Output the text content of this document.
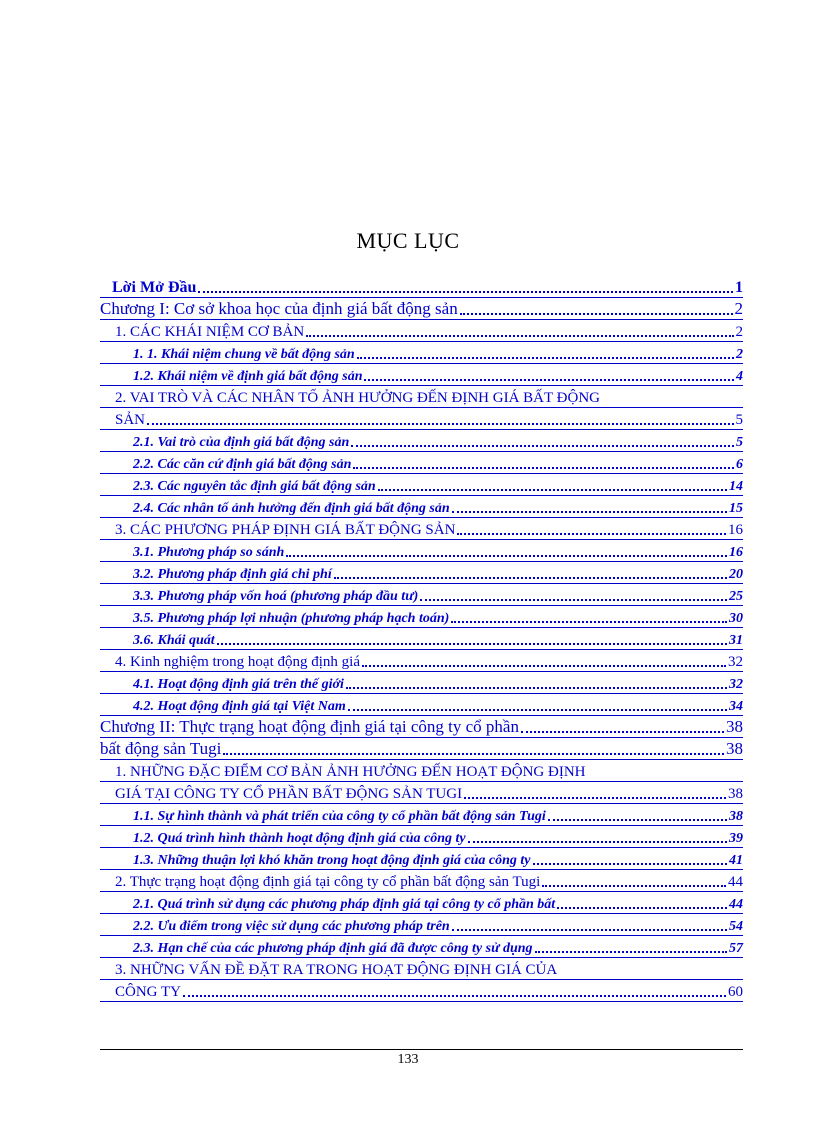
MỤC LỤC
Lời Mở Đầu	1
Chương I: Cơ sở khoa học của định giá bất động sản	2
1. CÁC KHÁI NIỆM CƠ BẢN	2
1. 1. Khái niệm chung về bất động sản	2
1.2. Khái niệm về định giá bất động sản	4
2. VAI TRÒ VÀ CÁC NHÂN TỐ ẢNH HƯỞNG ĐẾN ĐỊNH GIÁ BẤT ĐỘNG
SẢN	5
2.1. Vai trò của định giá bất động sản	5
2.2. Các căn cứ định giá bất động sản	6
2.3. Các nguyên tắc định giá bất động sản	14
2.4. Các nhân tố ảnh hưởng đến định giá bất động sản	15
3. CÁC PHƯƠNG PHÁP ĐỊNH GIÁ BẤT ĐỘNG SẢN	16
3.1. Phương pháp so sánh	16
3.2. Phương pháp định giá chi phí	20
3.3. Phương pháp vốn hoá (phương pháp đầu tư)	25
3.5. Phương pháp lợi nhuận (phương pháp hạch toán)	30
3.6. Khái quát	31
4. Kinh nghiệm trong hoạt động định giá	32
4.1. Hoạt động định giá trên thế giới	32
4.2. Hoạt động định giá tại Việt Nam	34
Chương II: Thực trạng hoạt động định giá tại công ty cổ phần	38
bất động sản Tugi	38
1. NHỮNG ĐẶC ĐIỂM CƠ BẢN ẢNH HƯỞNG ĐẾN HOẠT ĐỘNG ĐỊNH
GIÁ TẠI CÔNG TY CỔ PHẦN BẤT ĐỘNG SẢN TUGI	38
1.1. Sự hình thành và phát triển của công ty cổ phần bất động sản Tugi	38
1.2. Quá trình hình thành hoạt động định giá của công ty	39
1.3. Những thuận lợi khó khăn trong hoạt động định giá của công ty	41
2. Thực trạng hoạt động định giá tại công ty cổ phần bất động sản Tugi	44
2.1. Quá trình sử dụng các phương pháp định giá tại công ty cổ phần bất	44
2.2. Ưu điểm trong việc sử dụng các phương pháp trên	54
2.3. Hạn chế của các phương pháp định giá đã được công ty sử dụng	57
3. NHỮNG VẤN ĐỀ ĐẶT RA TRONG HOẠT ĐỘNG ĐỊNH GIÁ CỦA
CÔNG TY	60
133
